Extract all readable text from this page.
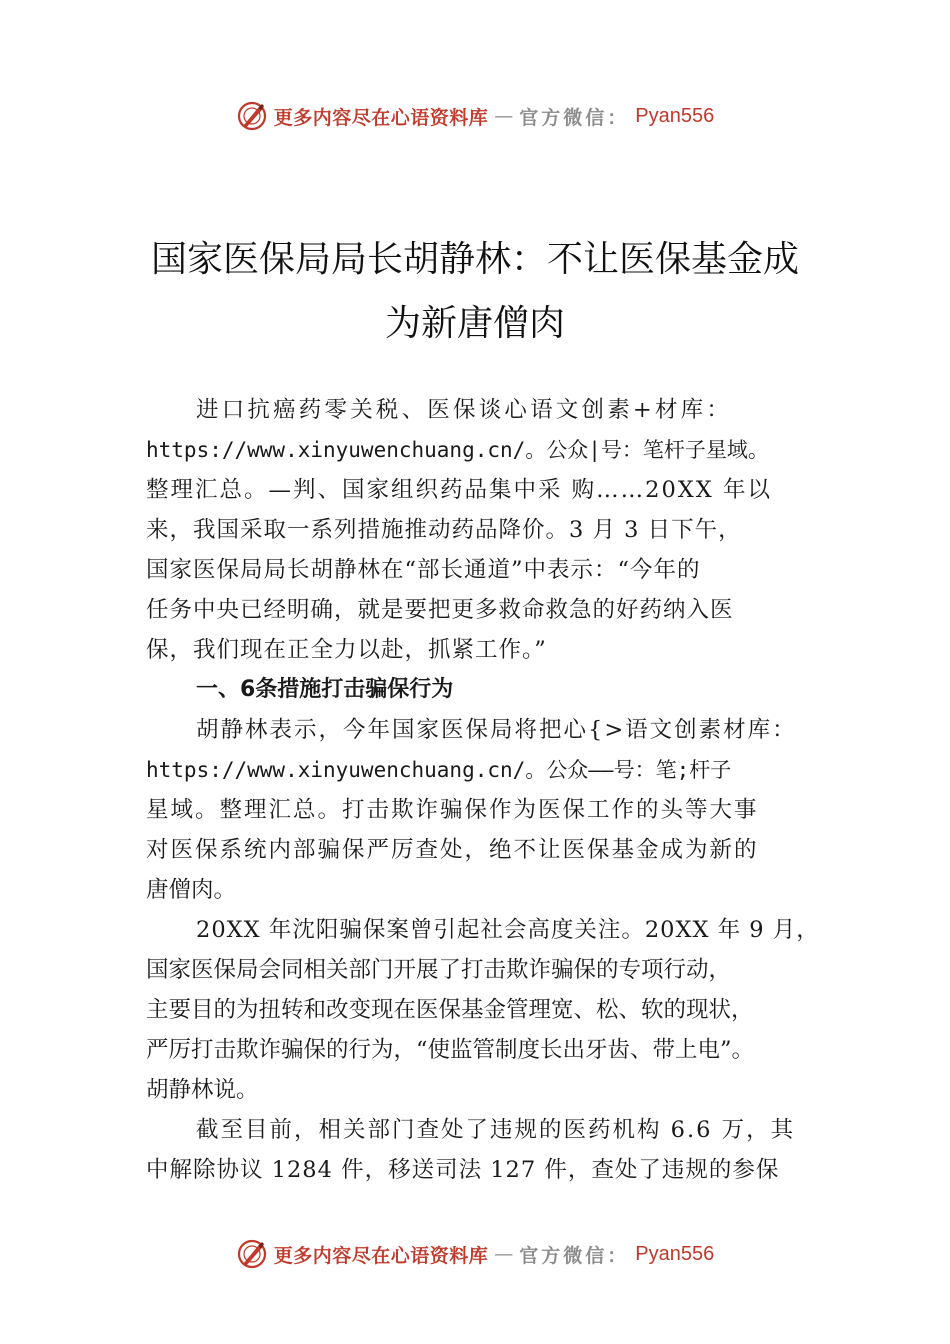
更多内容尽在心语资料库 — 官方微信： Pyan556
国家医保局局长胡静林：不让医保基金成
为新唐僧肉
进口抗癌药零关税、医保谈心语文创素+材库：
https://www.xinyuwenchuang.cn/。公众|号：笔杆子星域。
整理汇总。—判、国家组织药品集中采 购……20XX 年以
来，我国采取一系列措施推动药品降价。3 月 3 日下午，
国家医保局局长胡静林在“部长通道”中表示：“今年的
任务中央已经明确，就是要把更多救命救急的好药纳入医
保，我们现在正全力以赴，抓紧工作。”
一、6条措施打击骗保行为
胡静林表示，今年国家医保局将把心{>语文创素材库：
https://www.xinyuwenchuang.cn/。公众——号：笔;杆子
星域。整理汇总。打击欺诈骗保作为医保工作的头等大事
对医保系统内部骗保严厉查处，绝不让医保基金成为新的
唐僧肉。
20XX 年沈阳骗保案曾引起社会高度关注。20XX 年 9 月，
国家医保局会同相关部门开展了打击欺诈骗保的专项行动，
主要目的为扭转和改变现在医保基金管理宽、松、软的现状，
严厉打击欺诈骗保的行为，“使监管制度长出牙齿、带上电”。
胡静林说。
截至目前，相关部门查处了违规的医药机构 6.6 万，其
中解除协议 1284 件，移送司法 127 件，查处了违规的参保
更多内容尽在心语资料库 — 官方微信： Pyan556
